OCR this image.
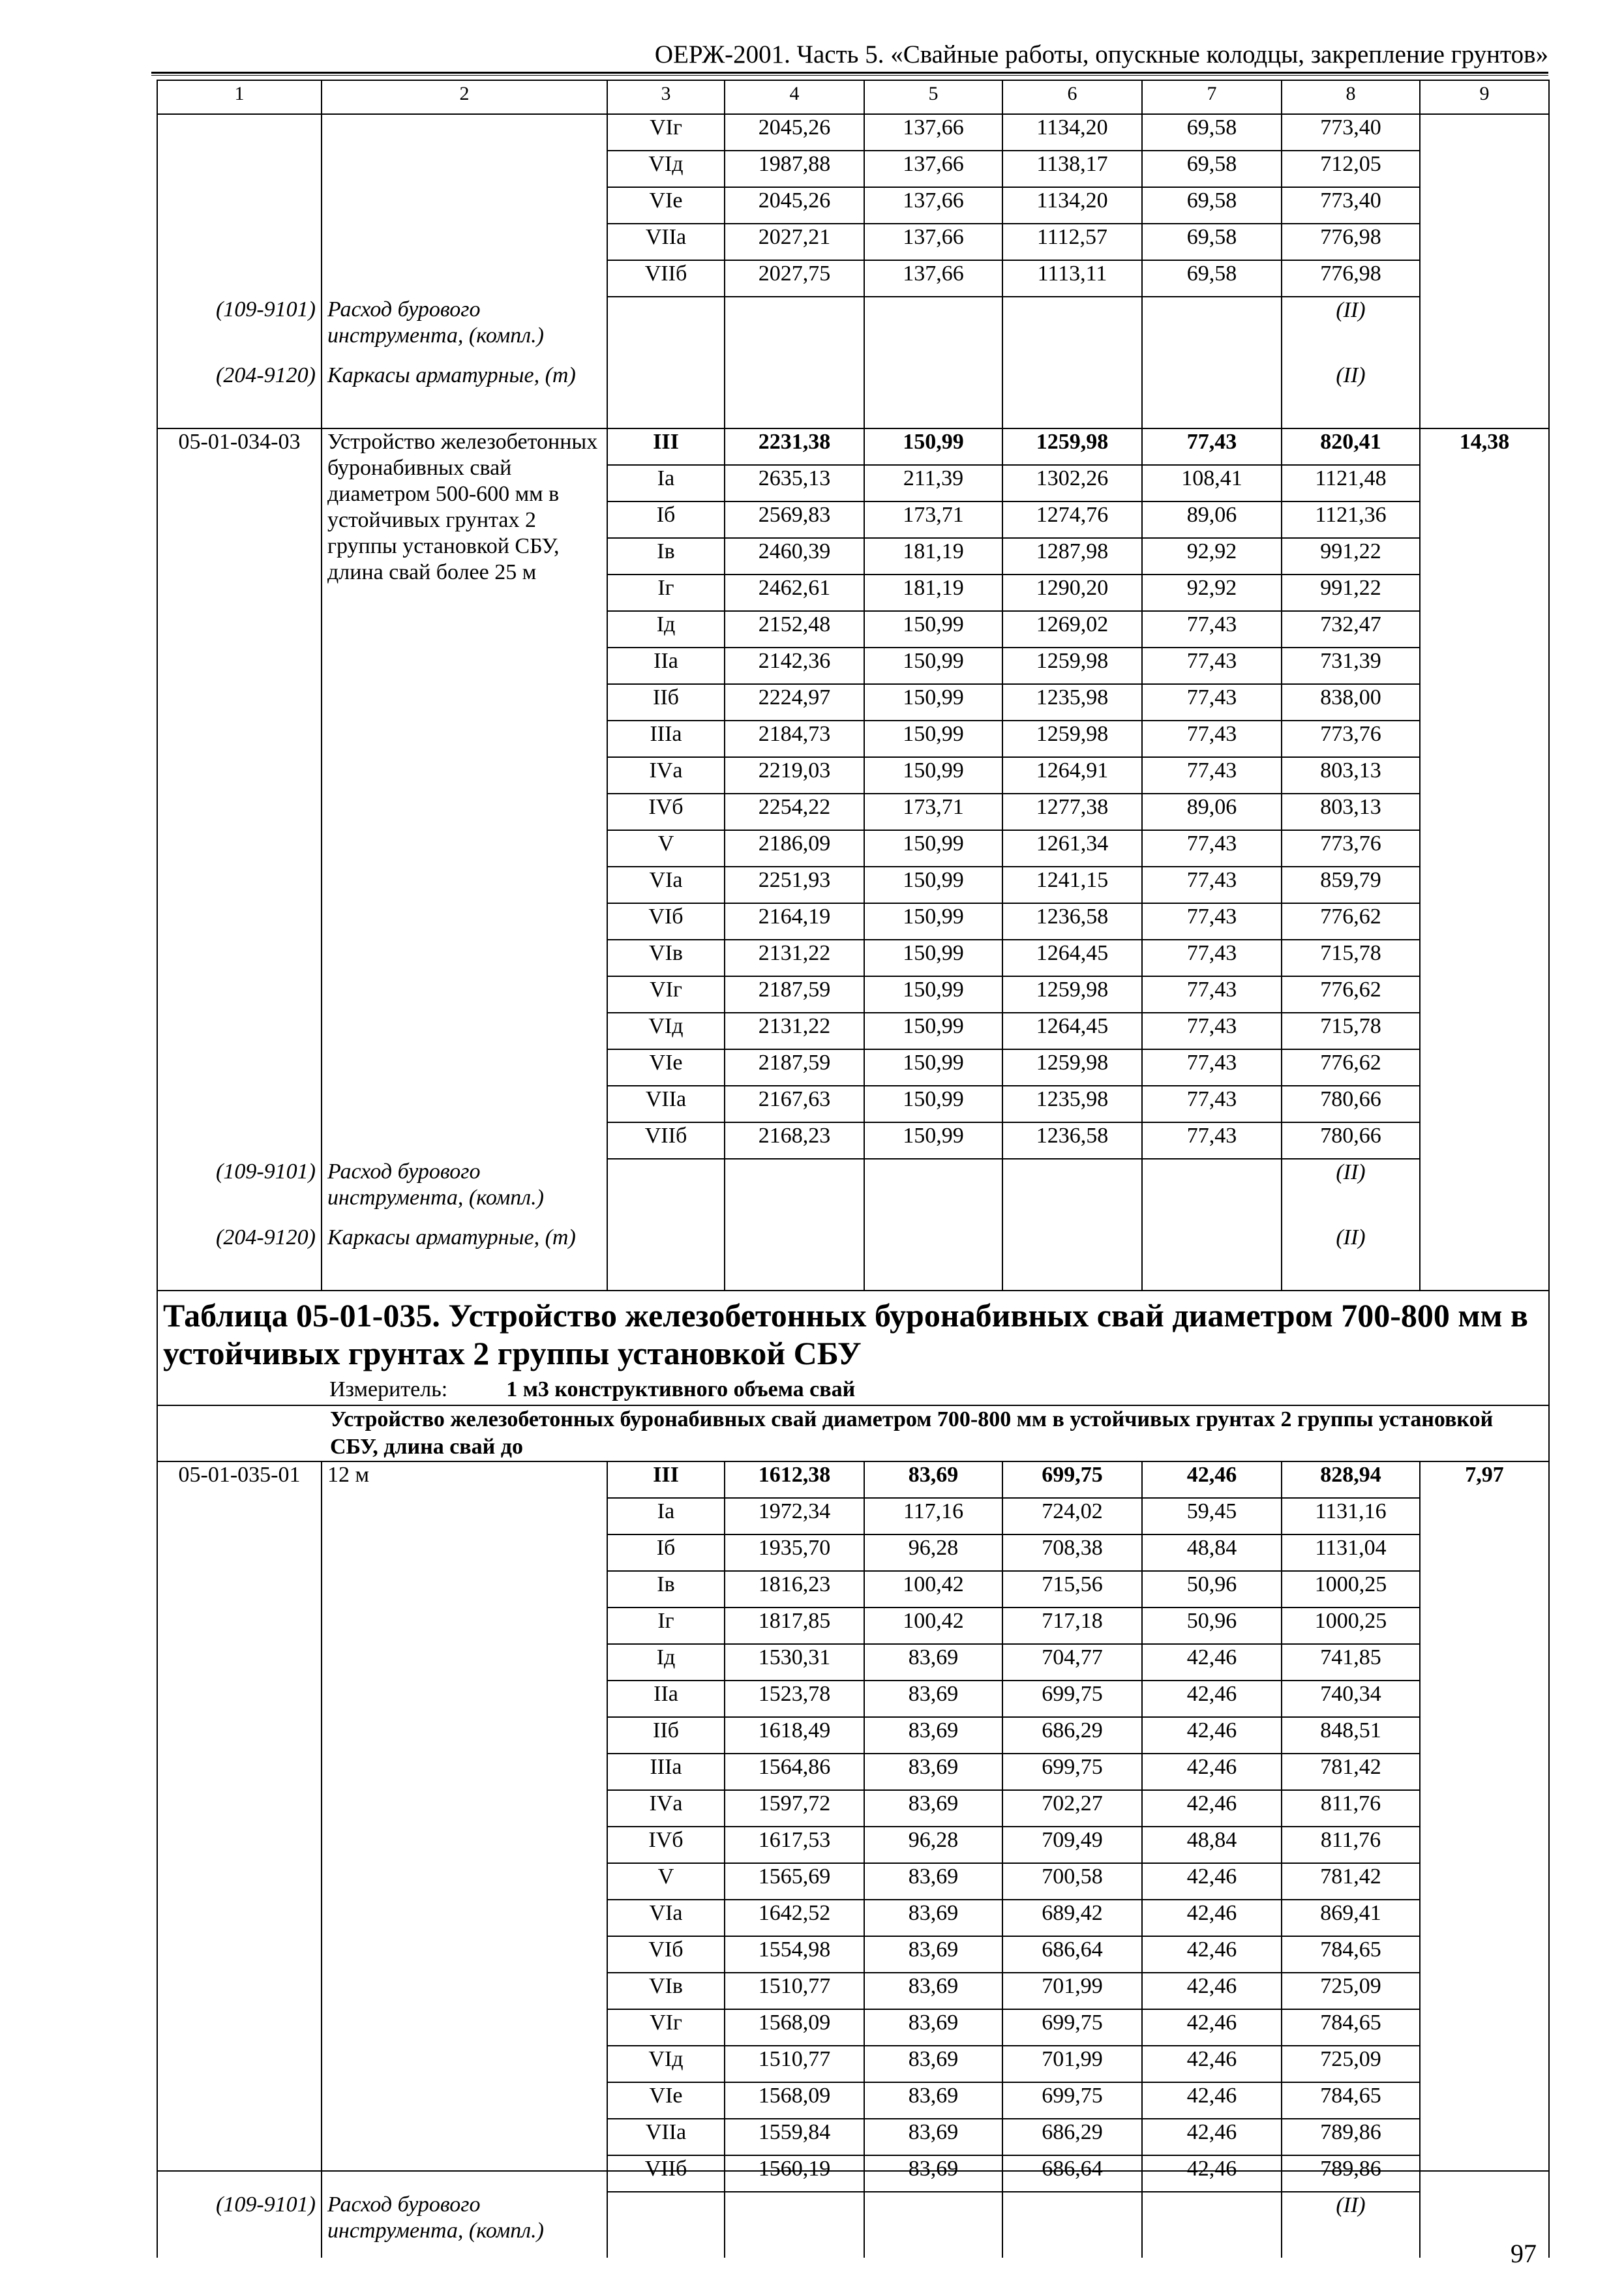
ОЕРЖ-2001. Часть 5. «Свайные работы, опускные колодцы, закрепление грунтов»
1	2	3	4	5	6	7	8	9
		VIг	2045,26	137,66	1134,20	69,58	773,40	
		VIд	1987,88	137,66	1138,17	69,58	712,05	
		VIе	2045,26	137,66	1134,20	69,58	773,40	
		VIIа	2027,21	137,66	1112,57	69,58	776,98	
		VIIб	2027,75	137,66	1113,11	69,58	776,98	
(109-9101)	Расход бурового инструмента, (компл.)						(II)	
(204-9120)	Каркасы арматурные, (т)						(II)	
05-01-034-03	Устройство железобетонных буронабивных свай диаметром 500-600 мм в устойчивых грунтах 2 группы установкой СБУ, длина свай более 25 м	III	2231,38	150,99	1259,98	77,43	820,41	14,38
		Iа	2635,13	211,39	1302,26	108,41	1121,48	
		Iб	2569,83	173,71	1274,76	89,06	1121,36	
		Iв	2460,39	181,19	1287,98	92,92	991,22	
		Iг	2462,61	181,19	1290,20	92,92	991,22	
		Iд	2152,48	150,99	1269,02	77,43	732,47	
		IIа	2142,36	150,99	1259,98	77,43	731,39	
		IIб	2224,97	150,99	1235,98	77,43	838,00	
		IIIа	2184,73	150,99	1259,98	77,43	773,76	
		IVа	2219,03	150,99	1264,91	77,43	803,13	
		IVб	2254,22	173,71	1277,38	89,06	803,13	
		V	2186,09	150,99	1261,34	77,43	773,76	
		VIа	2251,93	150,99	1241,15	77,43	859,79	
		VIб	2164,19	150,99	1236,58	77,43	776,62	
		VIв	2131,22	150,99	1264,45	77,43	715,78	
		VIг	2187,59	150,99	1259,98	77,43	776,62	
		VIд	2131,22	150,99	1264,45	77,43	715,78	
		VIе	2187,59	150,99	1259,98	77,43	776,62	
		VIIа	2167,63	150,99	1235,98	77,43	780,66	
		VIIб	2168,23	150,99	1236,58	77,43	780,66	
(109-9101)	Расход бурового инструмента, (компл.)						(II)	
(204-9120)	Каркасы арматурные, (т)						(II)	

Таблица 05-01-035. Устройство железобетонных буронабивных свай диаметром 700-800 мм в устойчивых грунтах 2 группы установкой СБУ
Измеритель: 1 м3 конструктивного объема свай								

Устройство железобетонных буронабивных свай диаметром 700-800 мм в устойчивых грунтах 2 группы установкой СБУ, длина свай до								

05-01-035-01	12 м	III	1612,38	83,69	699,75	42,46	828,94	7,97
		Iа	1972,34	117,16	724,02	59,45	1131,16	
		Iб	1935,70	96,28	708,38	48,84	1131,04	
		Iв	1816,23	100,42	715,56	50,96	1000,25	
		Iг	1817,85	100,42	717,18	50,96	1000,25	
		Iд	1530,31	83,69	704,77	42,46	741,85	
		IIа	1523,78	83,69	699,75	42,46	740,34	
		IIб	1618,49	83,69	686,29	42,46	848,51	
		IIIа	1564,86	83,69	699,75	42,46	781,42	
		IVа	1597,72	83,69	702,27	42,46	811,76	
		IVб	1617,53	96,28	709,49	48,84	811,76	
		V	1565,69	83,69	700,58	42,46	781,42	
		VIа	1642,52	83,69	689,42	42,46	869,41	
		VIб	1554,98	83,69	686,64	42,46	784,65	
		VIв	1510,77	83,69	701,99	42,46	725,09	
		VIг	1568,09	83,69	699,75	42,46	784,65	
		VIд	1510,77	83,69	701,99	42,46	725,09	
		VIе	1568,09	83,69	699,75	42,46	784,65	
		VIIа	1559,84	83,69	686,29	42,46	789,86	
		VIIб	1560,19	83,69	686,64	42,46	789,86	
(109-9101)	Расход бурового инструмента, (компл.)						(II)	
97
